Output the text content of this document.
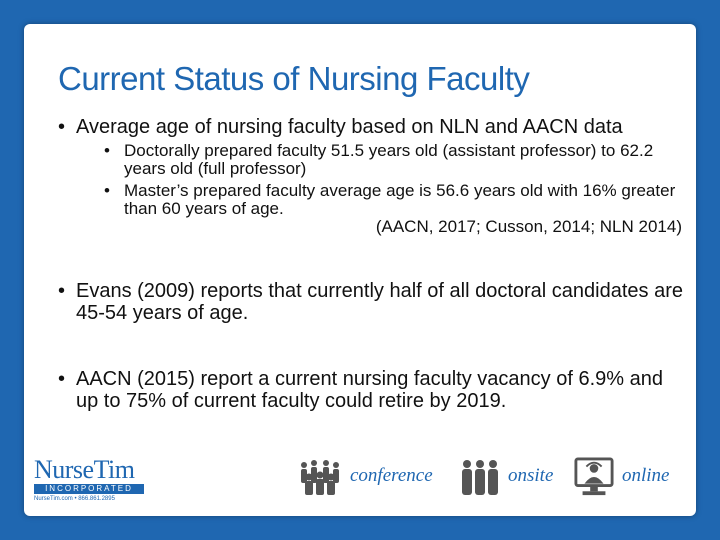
Current Status of Nursing Faculty
• Average age of nursing faculty based on NLN and AACN data
• Doctorally prepared faculty 51.5 years old (assistant professor) to 62.2 years old (full professor)
• Master’s prepared faculty average age is 56.6 years old with 16% greater than 60 years of age.
(AACN, 2017; Cusson, 2014; NLN 2014)
• Evans (2009) reports that currently half of all doctoral candidates are 45-54 years of age.
• AACN (2015) report a current nursing faculty vacancy of 6.9% and up to 75% of current faculty could retire by 2019.
NurseTim
INCORPORATED
NurseTim.com • 866.861.2895
conference	onsite	online
